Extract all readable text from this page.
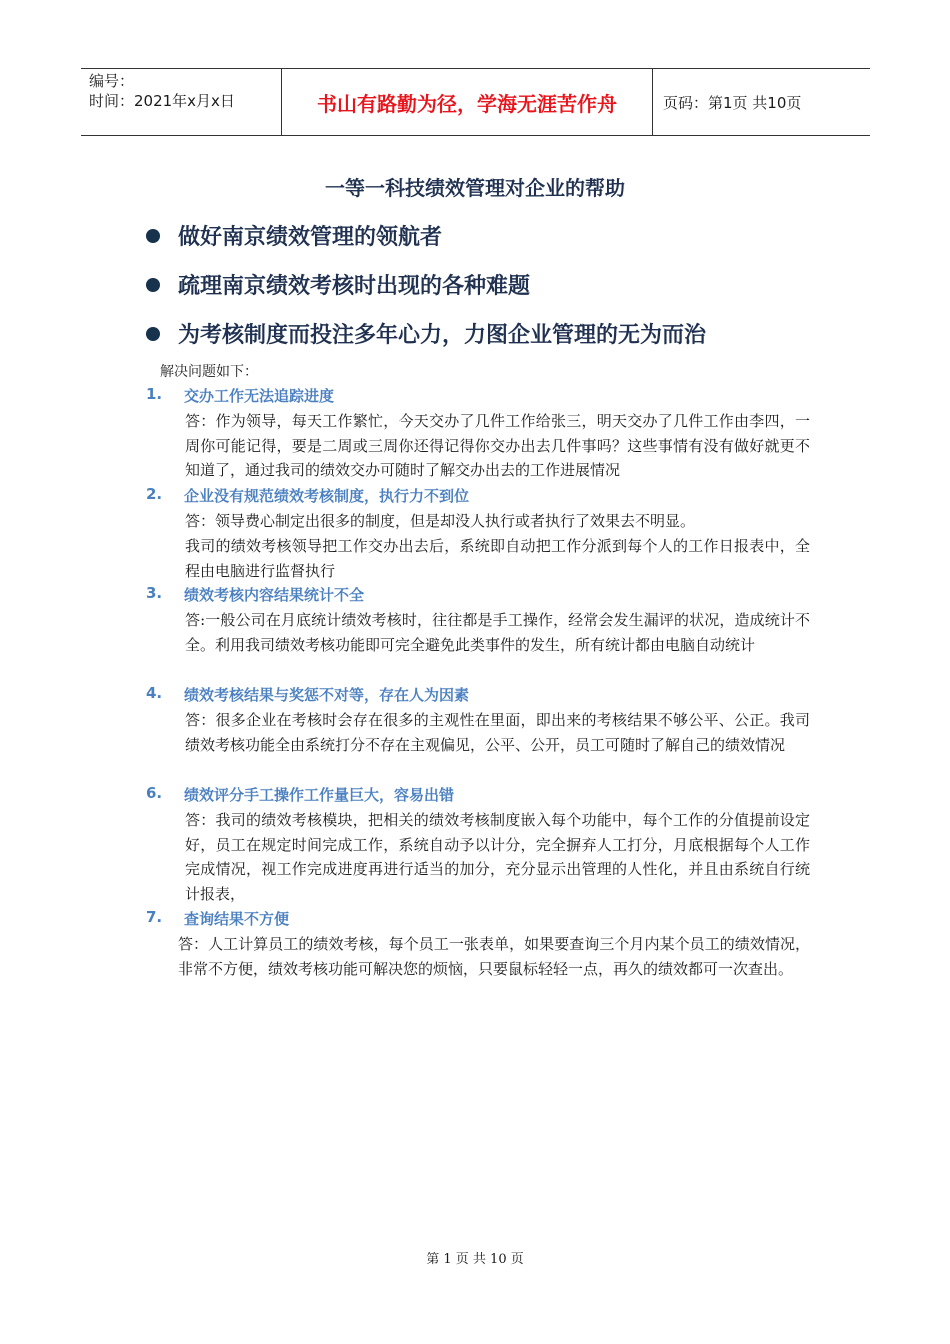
编号：
时间：2021年x月x日	书山有路勤为径，学海无涯苦作舟	页码：第1页 共10页
一等一科技绩效管理对企业的帮助
做好南京绩效管理的领航者
疏理南京绩效考核时出现的各种难题
为考核制度而投注多年心力，力图企业管理的无为而治
解决问题如下：
1.	交办工作无法追踪进度
答：作为领导，每天工作繁忙，今天交办了几件工作给张三，明天交办了几件工作由李四，一周你可能记得，要是二周或三周你还得记得你交办出去几件事吗？这些事情有没有做好就更不知道了，通过我司的绩效交办可随时了解交办出去的工作进展情况
2.	企业没有规范绩效考核制度，执行力不到位
答：领导费心制定出很多的制度，但是却没人执行或者执行了效果去不明显。
我司的绩效考核领导把工作交办出去后，系统即自动把工作分派到每个人的工作日报表中，全程由电脑进行监督执行
3.	绩效考核内容结果统计不全
答:一般公司在月底统计绩效考核时，往往都是手工操作，经常会发生漏评的状况，造成统计不全。利用我司绩效考核功能即可完全避免此类事件的发生，所有统计都由电脑自动统计
4.	绩效考核结果与奖惩不对等，存在人为因素
答：很多企业在考核时会存在很多的主观性在里面，即出来的考核结果不够公平、公正。我司绩效考核功能全由系统打分不存在主观偏见，公平、公开，员工可随时了解自己的绩效情况
6.	绩效评分手工操作工作量巨大，容易出错
答：我司的绩效考核模块，把相关的绩效考核制度嵌入每个功能中，每个工作的分值提前设定好，员工在规定时间完成工作，系统自动予以计分，完全摒弃人工打分，月底根据每个人工作完成情况，视工作完成进度再进行适当的加分，充分显示出管理的人性化，并且由系统自行统计报表，
7.	查询结果不方便
答：人工计算员工的绩效考核，每个员工一张表单，如果要查询三个月内某个员工的绩效情况，非常不方便，绩效考核功能可解决您的烦恼，只要鼠标轻轻一点，再久的绩效都可一次查出。
第 1 页 共 10 页
